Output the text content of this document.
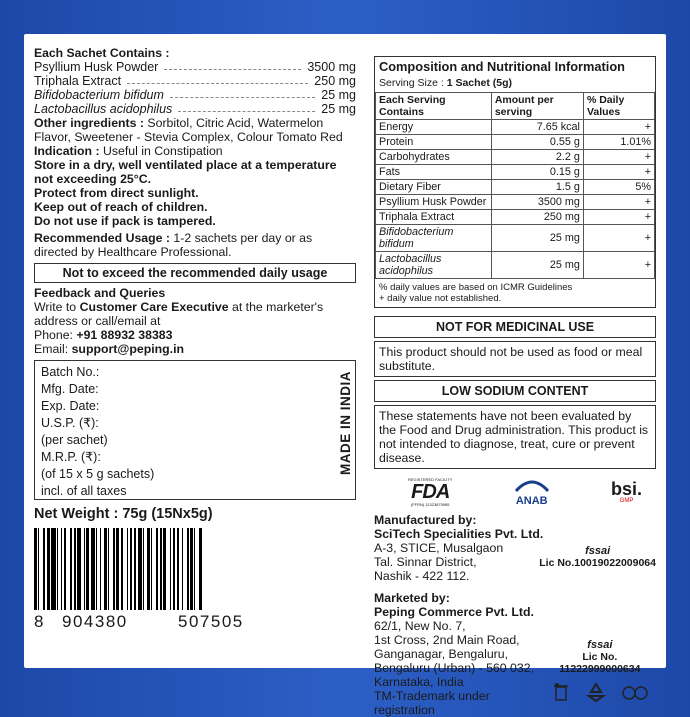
Each Sachet Contains :
Psyllium Husk Powder	3500 mg
Triphala Extract	250 mg
Bifidobacterium bifidum	25 mg
Lactobacillus acidophilus	25 mg
Other ingredients : Sorbitol, Citric Acid, Watermelon Flavor, Sweetener - Stevia Complex, Colour Tomato Red
Indication : Useful in Constipation
Store in a dry, well ventilated place at a temperature not exceeding 25°C.
Protect from direct sunlight.
Keep out of reach of children.
Do not use if pack is tampered.
Recommended Usage : 1-2 sachets per day or as directed by Healthcare Professional.
Not to exceed the recommended daily usage
Feedback and Queries
Write to Customer Care Executive at the marketer's address or call/email at
Phone: +91 88932 38383
Email: support@peping.in
Batch No.:
Mfg. Date:
Exp. Date:
U.S.P. (₹):
(per sachet)
M.R.P. (₹):
(of 15 x 5 g sachets)
incl. of all taxes
MADE IN INDIA
Net Weight : 75g (15Nx5g)
8	904380	507505
Composition and Nutritional Information
Serving Size : 1 Sachet (5g)
Each Serving Contains	Amount per serving	% Daily Values
Energy	7.65 kcal	+
Protein	0.55 g	1.01%
Carbohydrates	2.2 g	+
Fats	0.15 g	+
Dietary Fiber	1.5 g	5%
Psyllium Husk Powder	3500 mg	+
Triphala Extract	250 mg	+
Bifidobacterium bifidum	25 mg	+
Lactobacillus acidophilus	25 mg	+
% daily values are based on ICMR Guidelines
+ daily value not established.
NOT FOR MEDICINAL USE
This product should not be used as food or meal substitute.
LOW SODIUM CONTENT
These statements have not been evaluated by the Food and Drug administration. This product is not intended to diagnose, treat, cure or prevent disease.
REGISTERED FACILITY
FDA
(FFRN) 11323875985	ANAB
bsi.
GMP
Manufactured by:
SciTech Specialities Pvt. Ltd.
A-3, STICE, Musalgaon
Tal. Sinnar District,
Nashik - 422 112.
fssai
Lic No.10019022009064
Marketed by:
Peping Commerce Pvt. Ltd.
62/1, New No. 7,
1st Cross, 2nd Main Road,
Ganganagar, Bengaluru,
Bengaluru (Urban) - 560 032,
Karnataka, India
TM-Trademark under registration
fssai
Lic No. 11222999000634
